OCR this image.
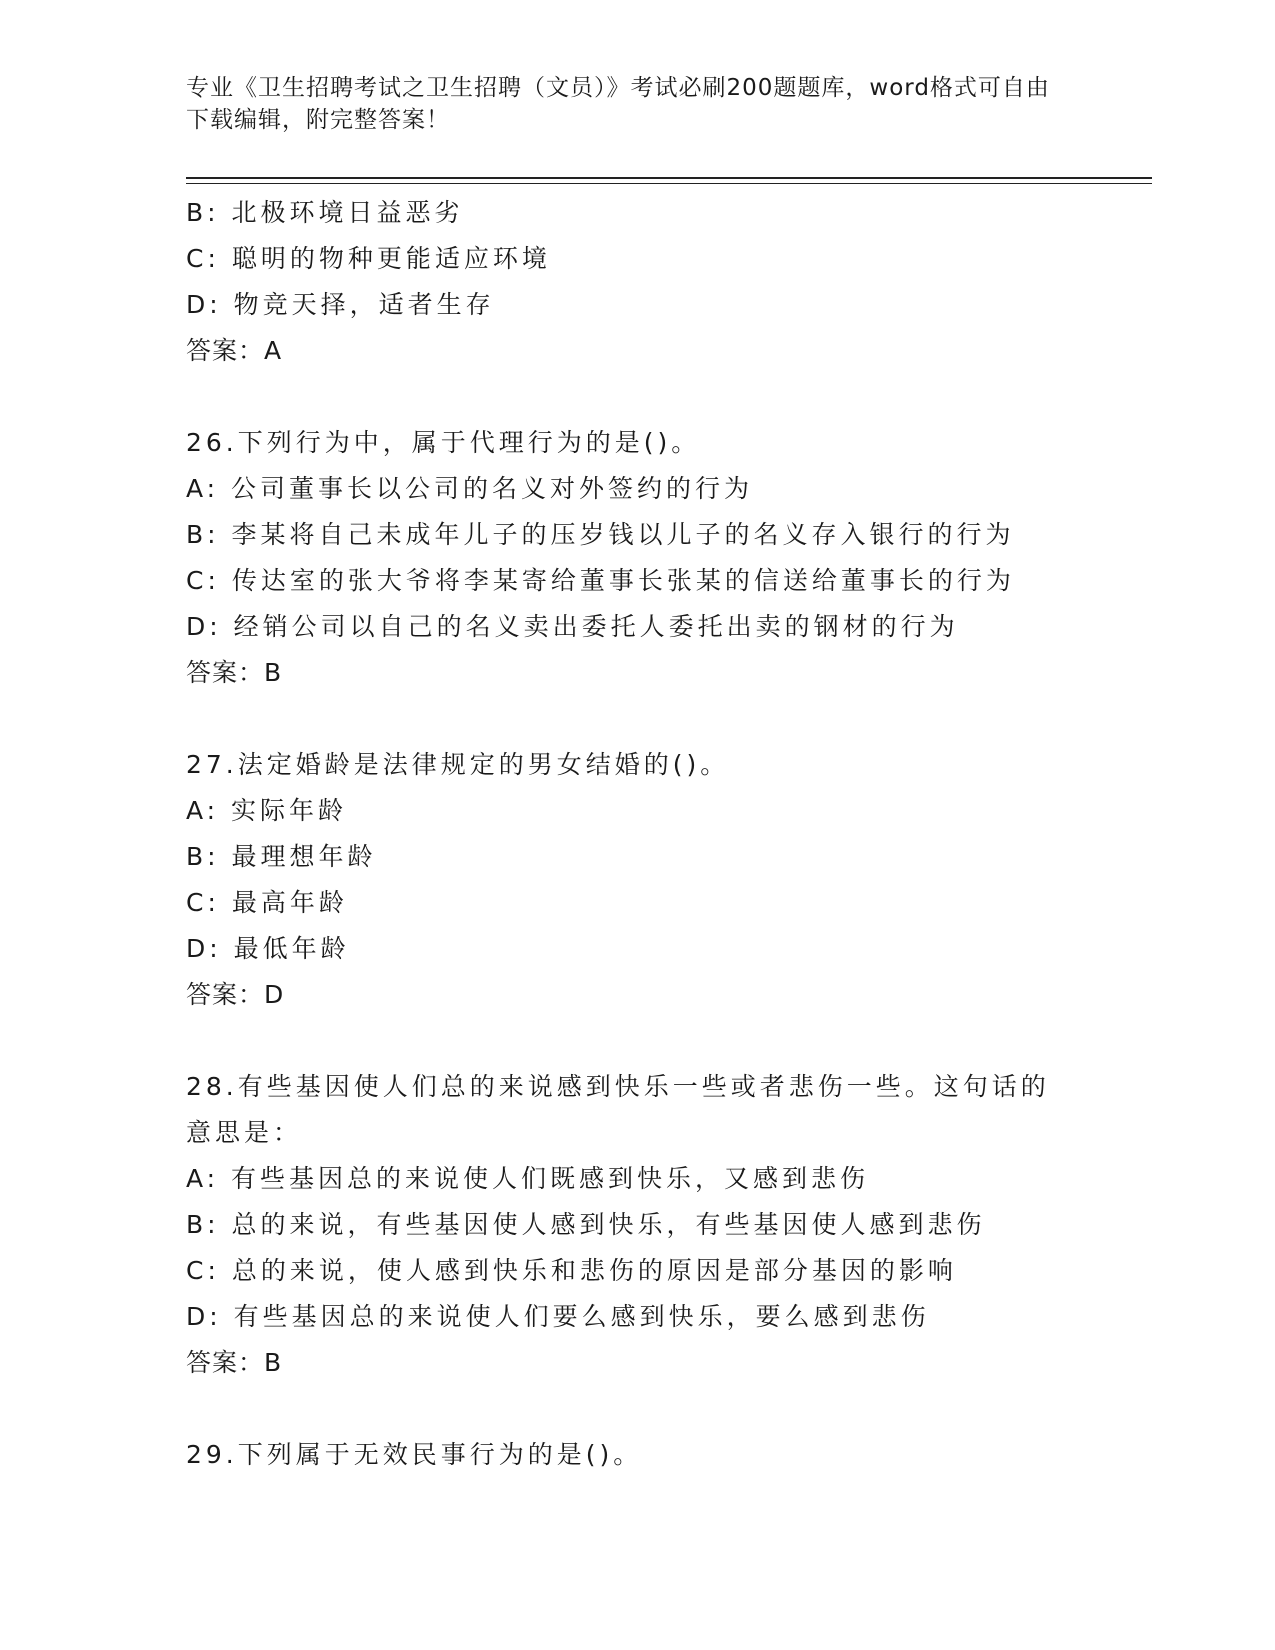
专业《卫生招聘考试之卫生招聘（文员）》考试必刷200题题库，word格式可自由下载编辑，附完整答案！
B: 北极环境日益恶劣
C: 聪明的物种更能适应环境
D: 物竞天择，适者生存
答案：A
26.下列行为中，属于代理行为的是()。
A: 公司董事长以公司的名义对外签约的行为
B: 李某将自己未成年儿子的压岁钱以儿子的名义存入银行的行为
C: 传达室的张大爷将李某寄给董事长张某的信送给董事长的行为
D: 经销公司以自己的名义卖出委托人委托出卖的钢材的行为
答案：B
27.法定婚龄是法律规定的男女结婚的()。
A: 实际年龄
B: 最理想年龄
C: 最高年龄
D: 最低年龄
答案：D
28.有些基因使人们总的来说感到快乐一些或者悲伤一些。这句话的意思是：
A: 有些基因总的来说使人们既感到快乐，又感到悲伤
B: 总的来说，有些基因使人感到快乐，有些基因使人感到悲伤
C: 总的来说，使人感到快乐和悲伤的原因是部分基因的影响
D: 有些基因总的来说使人们要么感到快乐，要么感到悲伤
答案：B
29.下列属于无效民事行为的是()。
